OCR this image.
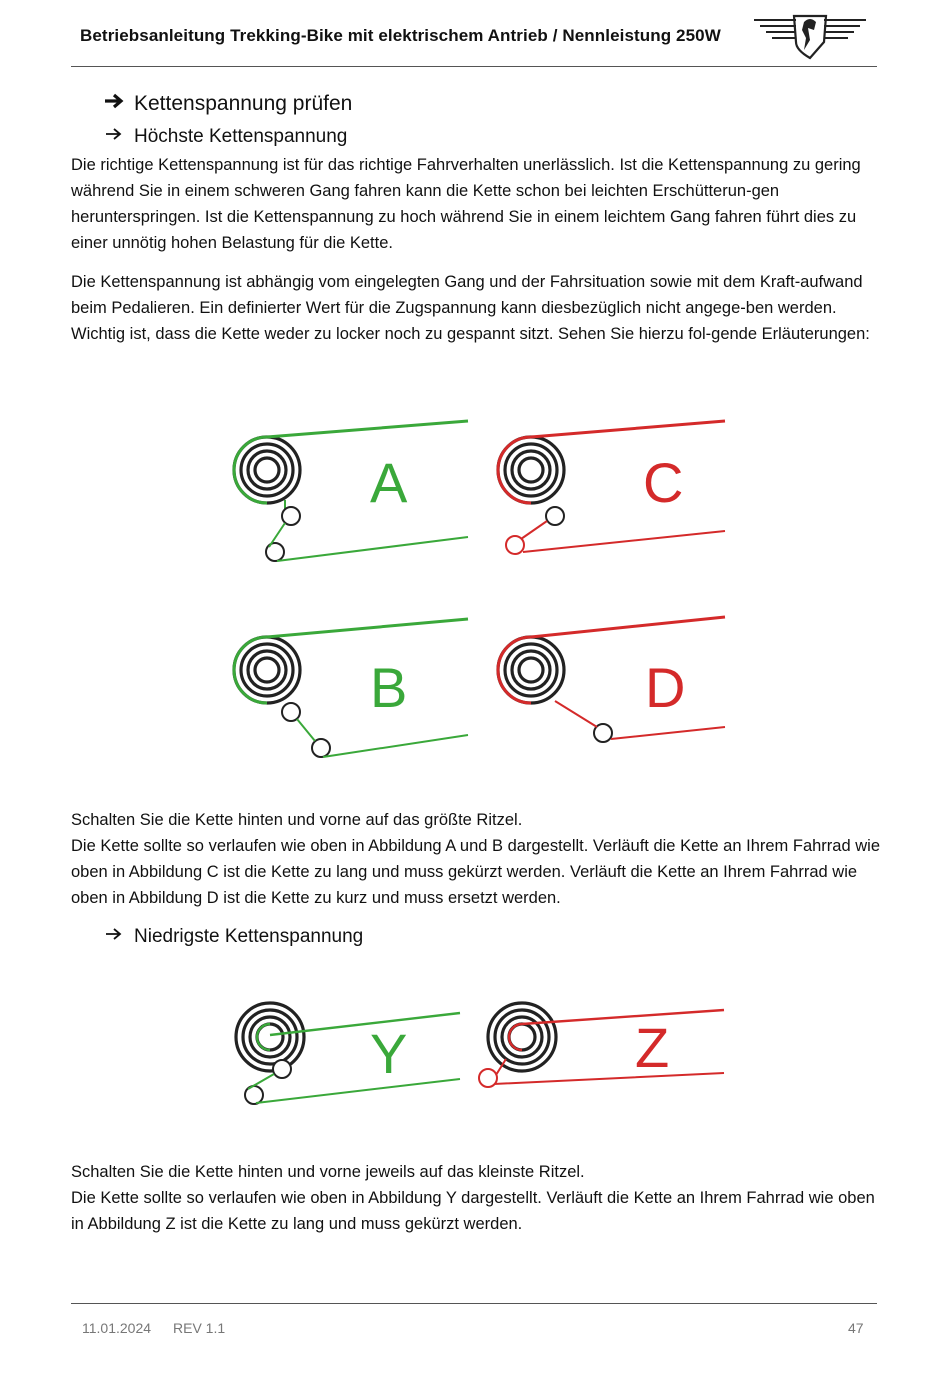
Betriebsanleitung Trekking-Bike mit elektrischem Antrieb / Nennleistung 250W
Kettenspannung prüfen
Höchste Kettenspannung

Die richtige Kettenspannung ist für das richtige Fahrverhalten unerlässlich. Ist die Kettenspannung zu gering während Sie in einem schweren Gang fahren kann die Kette schon bei leichten Erschütterun-gen herunterspringen. Ist die Kettenspannung zu hoch während Sie in einem leichtem Gang fahren führt dies zu einer unnötig hohen Belastung für die Kette.

Die Kettenspannung ist abhängig vom eingelegten Gang und der Fahrsituation sowie mit dem Kraft-aufwand beim Pedalieren. Ein definierter Wert für die Zugspannung kann diesbezüglich nicht angege-ben werden. Wichtig ist, dass die Kette weder zu locker noch zu gespannt sitzt. Sehen Sie hierzu fol-gende Erläuterungen:

A	C
B	D

Schalten Sie die Kette hinten und vorne auf das größte Ritzel.
Die Kette sollte so verlaufen wie oben in Abbildung A und B dargestellt. Verläuft die Kette an Ihrem Fahrrad wie oben in Abbildung C ist die Kette zu lang und muss gekürzt werden. Verläuft die Kette an Ihrem Fahrrad wie oben in Abbildung D ist die Kette zu kurz und muss ersetzt werden.

Niedrigste Kettenspannung
Y	Z

Schalten Sie die Kette hinten und vorne jeweils auf das kleinste Ritzel.
Die Kette sollte so verlaufen wie oben in Abbildung Y dargestellt. Verläuft die Kette an Ihrem Fahrrad wie oben in Abbildung Z ist die Kette zu lang und muss gekürzt werden.

11.01.2024 REV 1.1	47
